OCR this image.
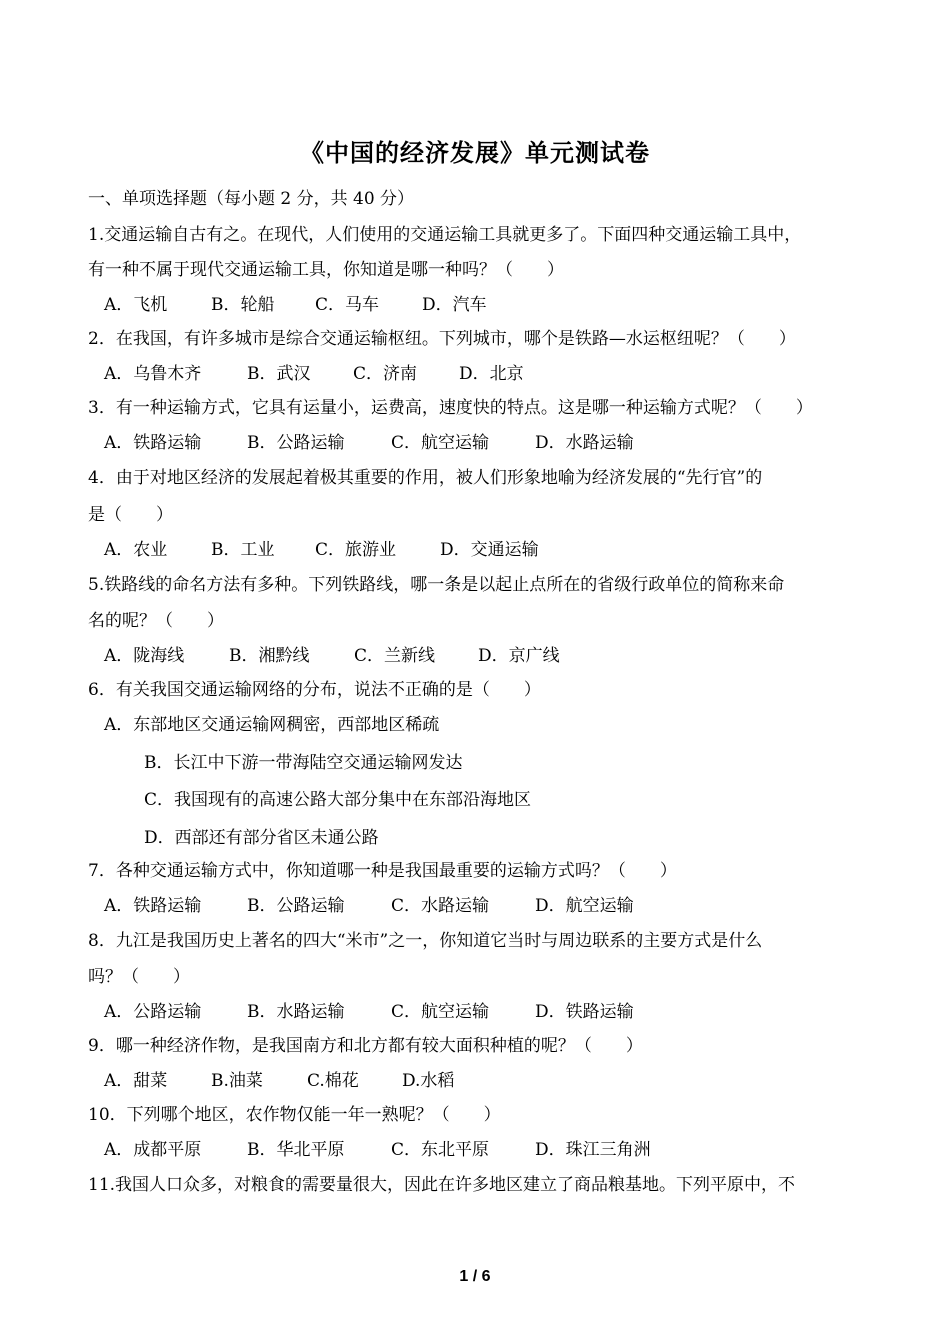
《中国的经济发展》单元测试卷
一、单项选择题（每小题 2 分，共 40 分）
1.交通运输自古有之。在现代，人们使用的交通运输工具就更多了。下面四种交通运输工具中，
有一种不属于现代交通运输工具，你知道是哪一种吗？（　　）
A．飞机	B．轮船 C．马车	D．汽车
2．在我国，有许多城市是综合交通运输枢纽。下列城市，哪个是铁路—水运枢纽呢？（　　）
A．乌鲁木齐	B．武汉	C．济南 D．北京
3．有一种运输方式，它具有运量小，运费高，速度快的特点。这是哪一种运输方式呢？（　　）
A．铁路运输	B．公路运输	C．航空运输	D．水路运输
4．由于对地区经济的发展起着极其重要的作用，被人们形象地喻为经济发展的“先行官”的
是（　　）
A．农业	B．工业 C．旅游业	D．交通运输
5.铁路线的命名方法有多种。下列铁路线，哪一条是以起止点所在的省级行政单位的简称来命
名的呢？（　　）
A．陇海线	B．湘黔线	C．兰新线	D．京广线
6．有关我国交通运输网络的分布，说法不正确的是（　　）
A．东部地区交通运输网稠密，西部地区稀疏
B．长江中下游一带海陆空交通运输网发达
C．我国现有的高速公路大部分集中在东部沿海地区
D．西部还有部分省区未通公路
7．各种交通运输方式中，你知道哪一种是我国最重要的运输方式吗？（　　）
A．铁路运输	B．公路运输	C．水路运输	D．航空运输
8．九江是我国历史上著名的四大“米市”之一，你知道它当时与周边联系的主要方式是什么
吗？（　　）
A．公路运输	B．水路运输	C．航空运输	D．铁路运输
9．哪一种经济作物，是我国南方和北方都有较大面积种植的呢？（　　）
A．甜菜	B.油菜	C.棉花	D.水稻
10．下列哪个地区，农作物仅能一年一熟呢？（　　）
A．成都平原	B．华北平原	C．东北平原	D．珠江三角洲
11.我国人口众多，对粮食的需要量很大，因此在许多地区建立了商品粮基地。下列平原中，不
1 / 6
